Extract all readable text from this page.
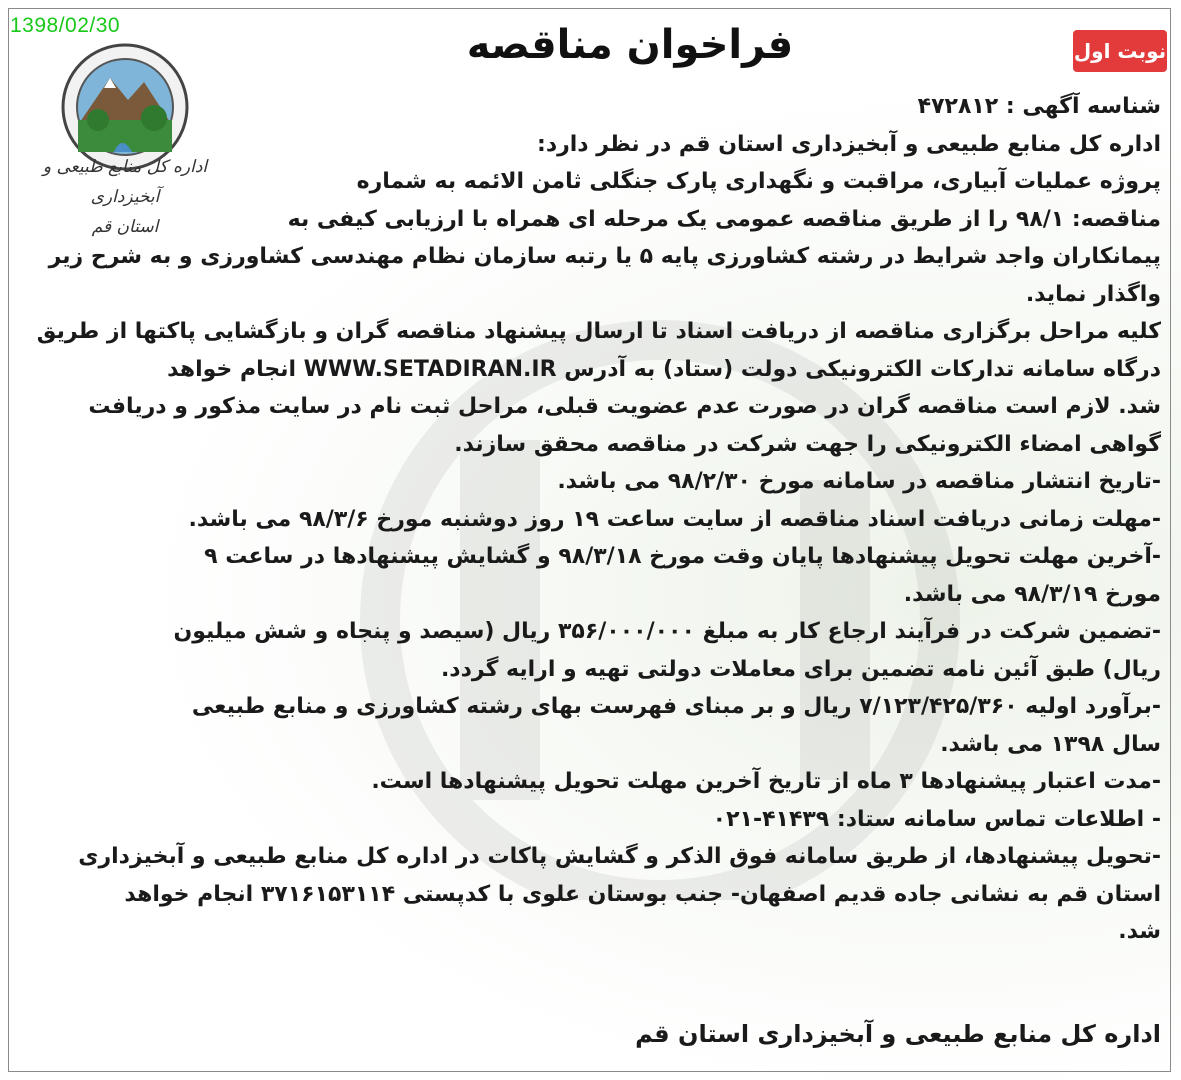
1398/02/30
نوبت اول
فراخوان مناقصه
اداره کل منابع طبیعی و آبخیزداری
استان قم
شناسه آگهی : ۴۷۲۸۱۲
اداره کل منابع طبیعی و آبخیزداری استان قم در نظر دارد:
پروژه عملیات آبیاری، مراقبت و نگهداری پارک جنگلی ثامن الائمه به شماره
مناقصه: ۹۸/۱ را از طریق مناقصه عمومی یک مرحله ای همراه با ارزیابی کیفی به
پیمانکاران واجد شرایط در رشته کشاورزی پایه ۵ یا رتبه سازمان نظام مهندسی کشاورزی و به شرح زیر
واگذار نماید.
کلیه مراحل برگزاری مناقصه از دریافت اسناد تا ارسال پیشنهاد مناقصه گران و بازگشایی پاکتها از طریق
درگاه سامانه تدارکات الکترونیکی دولت (ستاد) به آدرس WWW.SETADIRAN.IR انجام خواهد
شد. لازم است مناقصه گران در صورت عدم عضویت قبلی، مراحل ثبت نام در سایت مذکور و دریافت
گواهی امضاء الکترونیکی را جهت شرکت در مناقصه محقق سازند.
-تاریخ انتشار مناقصه در سامانه مورخ ۹۸/۲/۳۰ می باشد.
-مهلت زمانی دریافت اسناد مناقصه از سایت ساعت ۱۹ روز دوشنبه مورخ ۹۸/۳/۶ می باشد.
-آخرین مهلت تحویل پیشنهادها پایان وقت مورخ ۹۸/۳/۱۸ و گشایش پیشنهادها در ساعت ۹
مورخ ۹۸/۳/۱۹ می باشد.
-تضمین شرکت در فرآیند ارجاع کار به مبلغ ۳۵۶/۰۰۰/۰۰۰ ریال (سیصد و پنجاه و شش میلیون
ریال) طبق آئین نامه تضمین برای معاملات دولتی تهیه و ارایه گردد.
-برآورد اولیه ۷/۱۲۳/۴۲۵/۳۶۰ ریال و بر مبنای فهرست بهای رشته کشاورزی و منابع طبیعی
سال ۱۳۹۸ می باشد.
-مدت اعتبار پیشنهادها ۳ ماه از تاریخ آخرین مهلت تحویل پیشنهادها است.
- اطلاعات تماس سامانه ستاد: ۴۱۴۳۹-۰۲۱
-تحویل پیشنهادها، از طریق سامانه فوق الذکر و گشایش پاکات در اداره کل منابع طبیعی و آبخیزداری
استان قم به نشانی جاده قدیم اصفهان- جنب بوستان علوی با کدپستی ۳۷۱۶۱۵۳۱۱۴ انجام خواهد
شد.
اداره کل منابع طبیعی و آبخیزداری استان قم
